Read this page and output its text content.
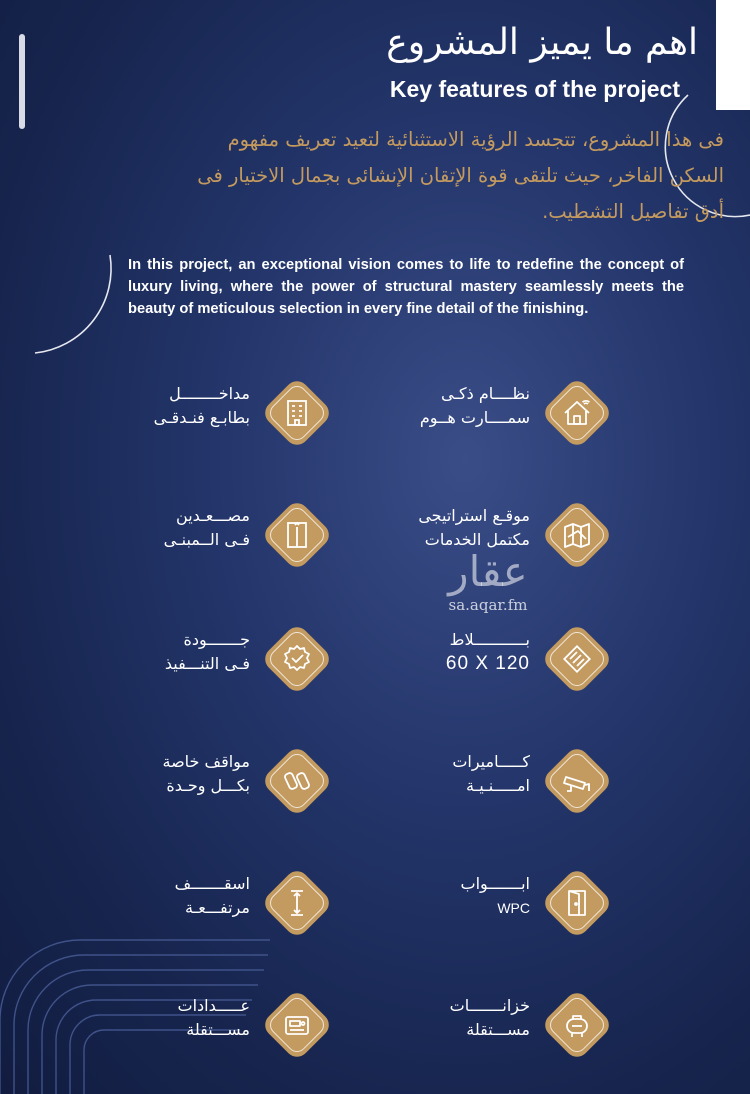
اهم ما يميز المشروع
Key features of the project
فى هذا المشروع، تتجسد الرؤية الاستثنائية لتعيد تعريف مفهوم
السكن الفاخر، حيث تلتقى قوة الإتقان الإنشائى بجمال الاختيار فى
أدق تفاصيل التشطيب.
In this project, an exceptional vision comes to life to redefine the concept of luxury living, where the power of structural mastery seamlessly meets the beauty of meticulous selection in every fine detail of the finishing.
نظــــام ذكـى
سمــــارت هــوم
مداخــــــــل
بطابـع فنـدقـى
موقـع استراتيجى
مكتمل الخدمات
مصـــعـدين
فـى الــمبنـى
عقار
sa.aqar.fm
بـــــــــــلاط
60 X 120
جـــــــودة
فـى التنـــفيذ
كـــــاميرات
امـــــنـيـة
مواقف خاصة
بكـــل وحـدة
ابـــــــواب
WPC
اسقـــــــف
مرتفـــعـة
خزانـــــــات
مســـتقلة
عـــــدادات
مســـتقلة
